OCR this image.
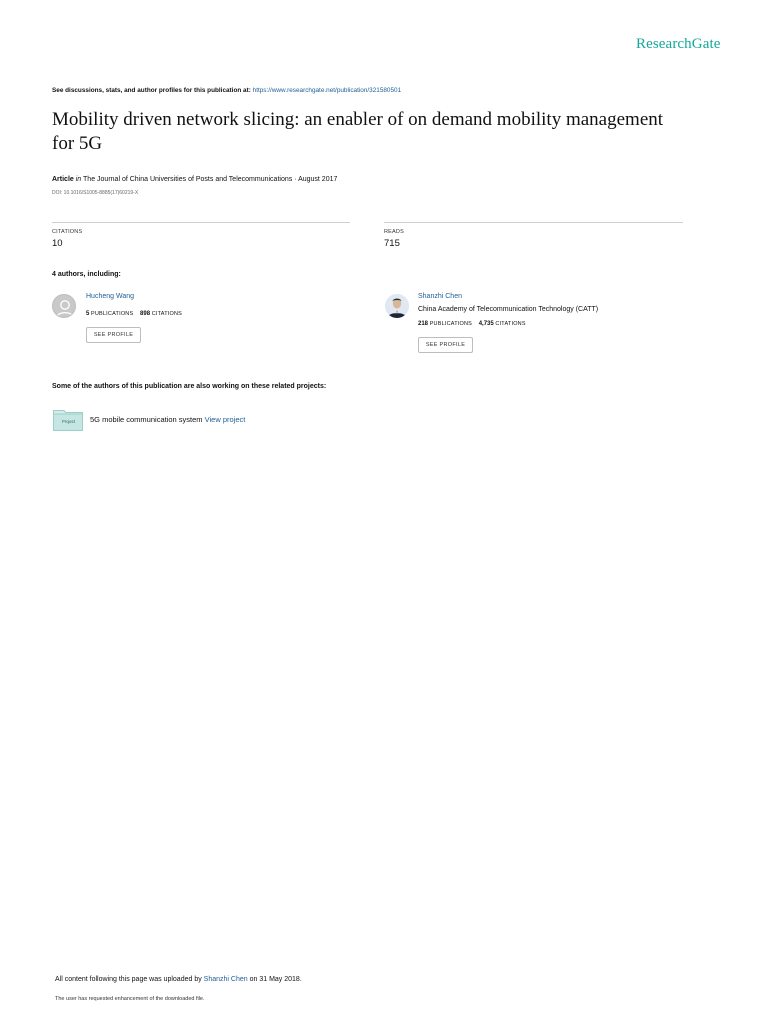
ResearchGate
See discussions, stats, and author profiles for this publication at: https://www.researchgate.net/publication/321580501
Mobility driven network slicing: an enabler of on demand mobility management for 5G
Article in The Journal of China Universities of Posts and Telecommunications · August 2017
DOI: 10.1016/S1005-8885(17)60219-X
CITATIONS
10
READS
715
4 authors, including:
Hucheng Wang
5 PUBLICATIONS 898 CITATIONS
SEE PROFILE
Shanzhi Chen
China Academy of Telecommunication Technology (CATT)
218 PUBLICATIONS 4,735 CITATIONS
SEE PROFILE
Some of the authors of this publication are also working on these related projects:
Project 5G mobile communication system View project
All content following this page was uploaded by Shanzhi Chen on 31 May 2018.
The user has requested enhancement of the downloaded file.
